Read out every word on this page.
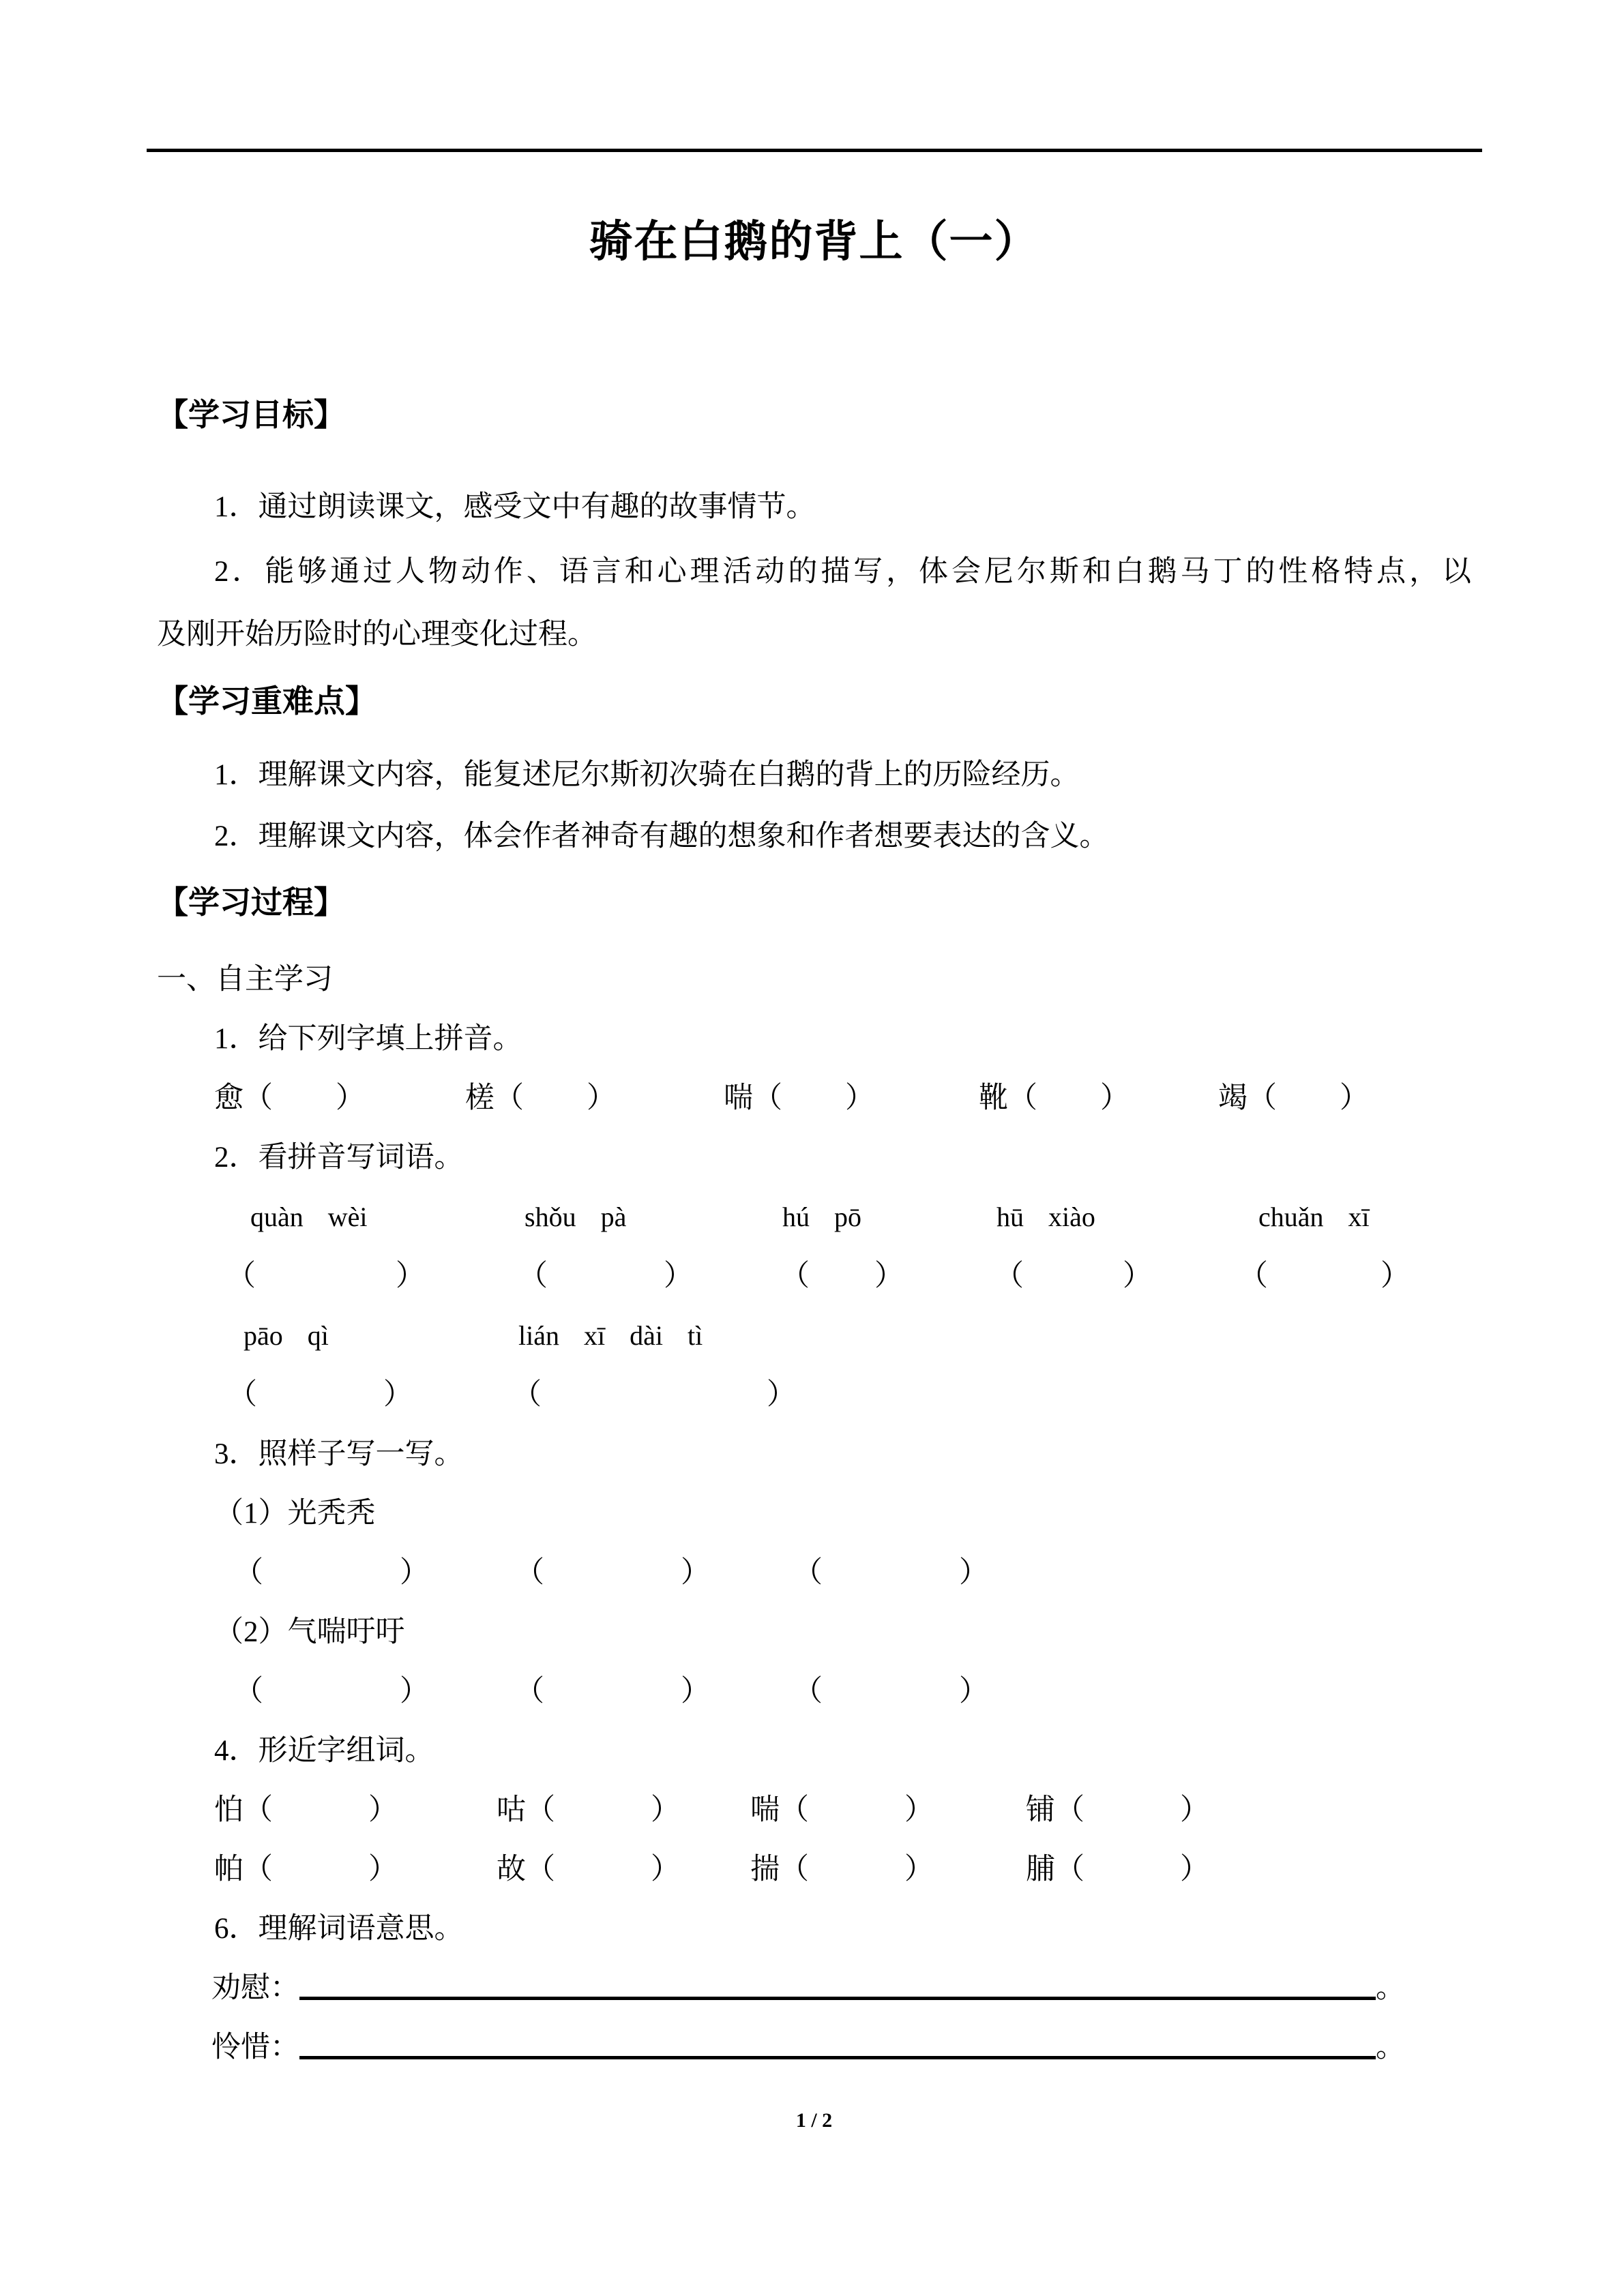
骑在白鹅的背上（一）
【学习目标】
1．通过朗读课文，感受文中有趣的故事情节。
2．能够通过人物动作、语言和心理活动的描写，体会尼尔斯和白鹅马丁的性格特点，以
及刚开始历险时的心理变化过程。
【学习重难点】
1．理解课文内容，能复述尼尔斯初次骑在白鹅的背上的历险经历。
2．理解课文内容，体会作者神奇有趣的想象和作者想要表达的含义。
【学习过程】
一、自主学习
1．给下列字填上拼音。
愈（ ）	槎（ ）	喘（ ）	靴（ ）	竭（ ）
2．看拼音写词语。
quàn wèi	shǒu pà	hú pō	hū xiào	chuǎn xī
（	）	（	）	（ ）	（	）	（	）
pāo qì	lián xī dài tì
（	）	（	）
3．照样子写一写。
（1）光秃秃
（	）	（	）	（	）
（2）气喘吁吁
（	）	（	）	（	）
4．形近字组词。
怕（	）	咕（	）	喘（	）	铺（	）
帕（	）	故（	）	揣（	）	脯（	）
6．理解词语意思。
劝慰：	。
怜惜：	。
1 / 2
